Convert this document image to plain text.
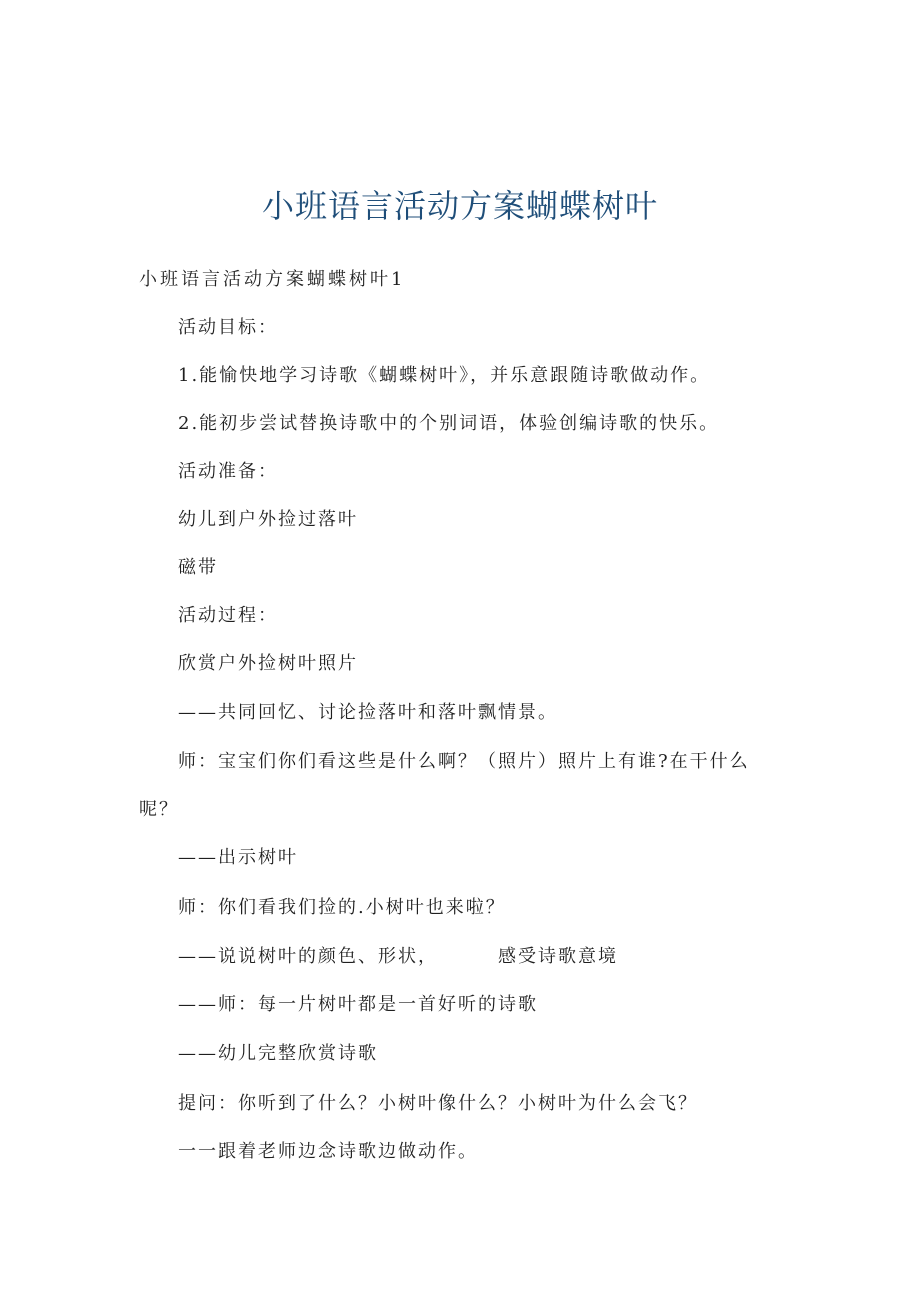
小班语言活动方案蝴蝶树叶
小班语言活动方案蝴蝶树叶1
活动目标：
1.能愉快地学习诗歌《蝴蝶树叶》，并乐意跟随诗歌做动作。
2.能初步尝试替换诗歌中的个别词语，体验创编诗歌的快乐。
活动准备：
幼儿到户外捡过落叶
磁带
活动过程：
欣赏户外捡树叶照片
——共同回忆、讨论捡落叶和落叶飘情景。
师：宝宝们你们看这些是什么啊？（照片）照片上有谁?在干什么
呢？
——出示树叶
师：你们看我们捡的.小树叶也来啦？
——说说树叶的颜色、形状，	感受诗歌意境
——师：每一片树叶都是一首好听的诗歌
——幼儿完整欣赏诗歌
提问：你听到了什么？小树叶像什么？小树叶为什么会飞？
一一跟着老师边念诗歌边做动作。
